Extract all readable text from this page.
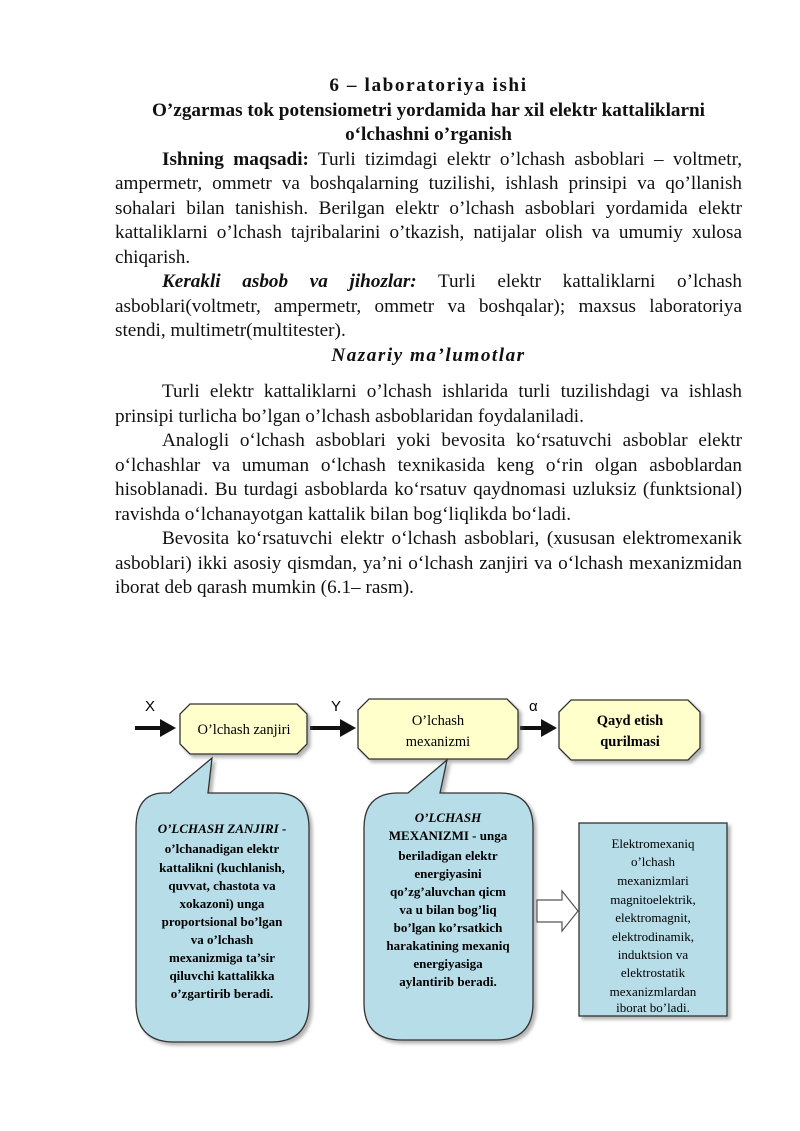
6 – laboratoriya ishi

O’zgarmas tok potensiometri yordamida har xil elektr kattaliklarni

o‘lchashni o’rganish

Ishning maqsadi: Turli tizimdagi elektr o’lchash asboblari – voltmetr, ampermetr, ommetr va boshqalarning tuzilishi, ishlash prinsipi va qo’llanish sohalari bilan tanishish. Berilgan elektr o’lchash asboblari yordamida elektr kattaliklarni o’lchash tajribalarini o’tkazish, natijalar olish va umumiy xulosa chiqarish.

Kerakli asbob va jihozlar: Turli elektr kattaliklarni o’lchash asboblari(voltmetr, ampermetr, ommetr va boshqalar); maxsus laboratoriya stendi, multimetr(multitester).

Nazariy ma’lumotlar

Turli elektr kattaliklarni o’lchash ishlarida turli tuzilishdagi va ishlash prinsipi turlicha bo’lgan o’lchash asboblaridan foydalaniladi.

Analogli o‘lchash asboblari yoki bevosita ko‘rsatuvchi asboblar elektr o‘lchashlar va umuman o‘lchash texnikasida keng o‘rin olgan asboblardan hisoblanadi. Bu turdagi asboblarda ko‘rsatuv qaydnomasi uzluksiz (funktsional) ravishda o‘lchanayotgan kattalik bilan bog‘liqlikda bo‘ladi.

Bevosita ko‘rsatuvchi elektr o‘lchash asboblari, (xususan elektromexanik asboblari) ikki asosiy qismdan, ya’ni o‘lchash zanjiri va o‘lchash mexanizmidan iborat deb qarash mumkin (6.1– rasm).

X	Y	α
O’lchash zanjiri
O’lchash
mexanizmi
Qayd etish
qurilmasi
O’LCHASH ZANJIRI -
o’lchanadigan elektr
kattalikni (kuchlanish,
quvvat, chastota va
xokazoni) unga
proportsional bo’lgan
va o’lchash
mexanizmiga ta’sir
qiluvchi kattalikka
o’zgartirib beradi.
O’LCHASH
MEXANIZMI - unga
beriladigan elektr
energiyasini
qo’zg’aluvchan qicm
va u bilan bog’liq
bo’lgan ko’rsatkich
harakatining mexaniq
energiyasiga
aylantirib beradi.
Elektromexaniq
o’lchash
mexanizmlari
magnitoelektrik,
elektromagnit,
elektrodinamik,
induktsion va
elektrostatik
mexanizmlardan
iborat bo’ladi.
